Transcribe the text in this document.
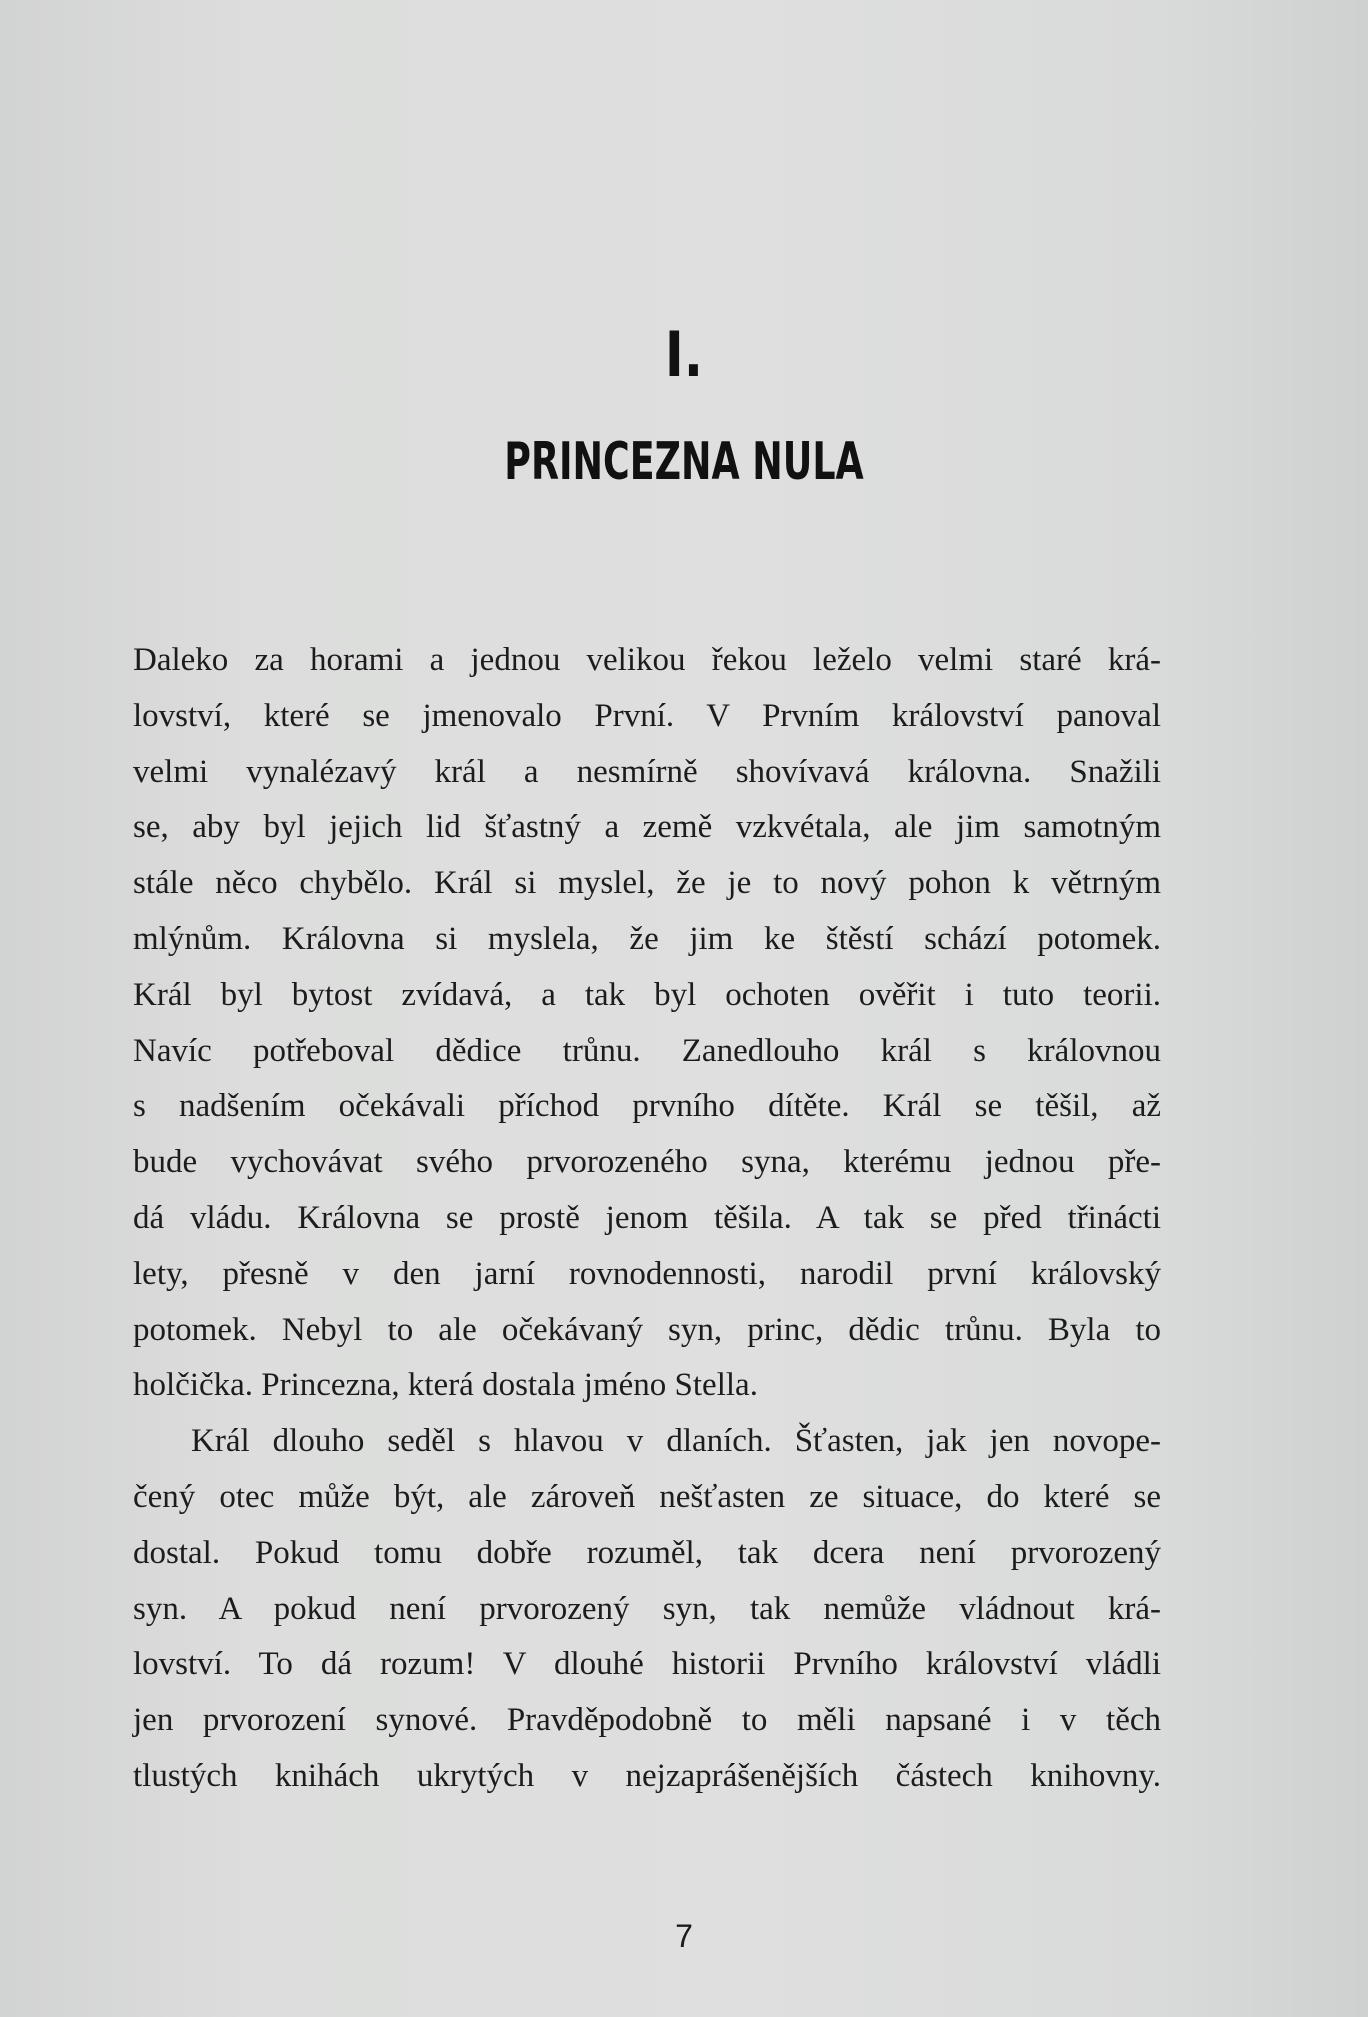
I.
PRINCEZNA NULA
Daleko za horami a jednou velikou řekou leželo velmi staré krá-
lovství, které se jmenovalo První. V Prvním království panoval
velmi vynalézavý král a nesmírně shovívavá královna. Snažili
se, aby byl jejich lid šťastný a země vzkvétala, ale jim samotným
stále něco chybělo. Král si myslel, že je to nový pohon k větrným
mlýnům. Královna si myslela, že jim ke štěstí schází potomek.
Král byl bytost zvídavá, a tak byl ochoten ověřit i tuto teorii.
Navíc potřeboval dědice trůnu. Zanedlouho král s královnou
s nadšením očekávali příchod prvního dítěte. Král se těšil, až
bude vychovávat svého prvorozeného syna, kterému jednou pře-
dá vládu. Královna se prostě jenom těšila. A tak se před třinácti
lety, přesně v den jarní rovnodennosti, narodil první královský
potomek. Nebyl to ale očekávaný syn, princ, dědic trůnu. Byla to
holčička. Princezna, která dostala jméno Stella.
Král dlouho seděl s hlavou v dlaních. Šťasten, jak jen novope-
čený otec může být, ale zároveň nešťasten ze situace, do které se
dostal. Pokud tomu dobře rozuměl, tak dcera není prvorozený
syn. A pokud není prvorozený syn, tak nemůže vládnout krá-
lovství. To dá rozum! V dlouhé historii Prvního království vládli
jen prvorození synové. Pravděpodobně to měli napsané i v těch
tlustých knihách ukrytých v nejzaprášenějších částech knihovny.
7
